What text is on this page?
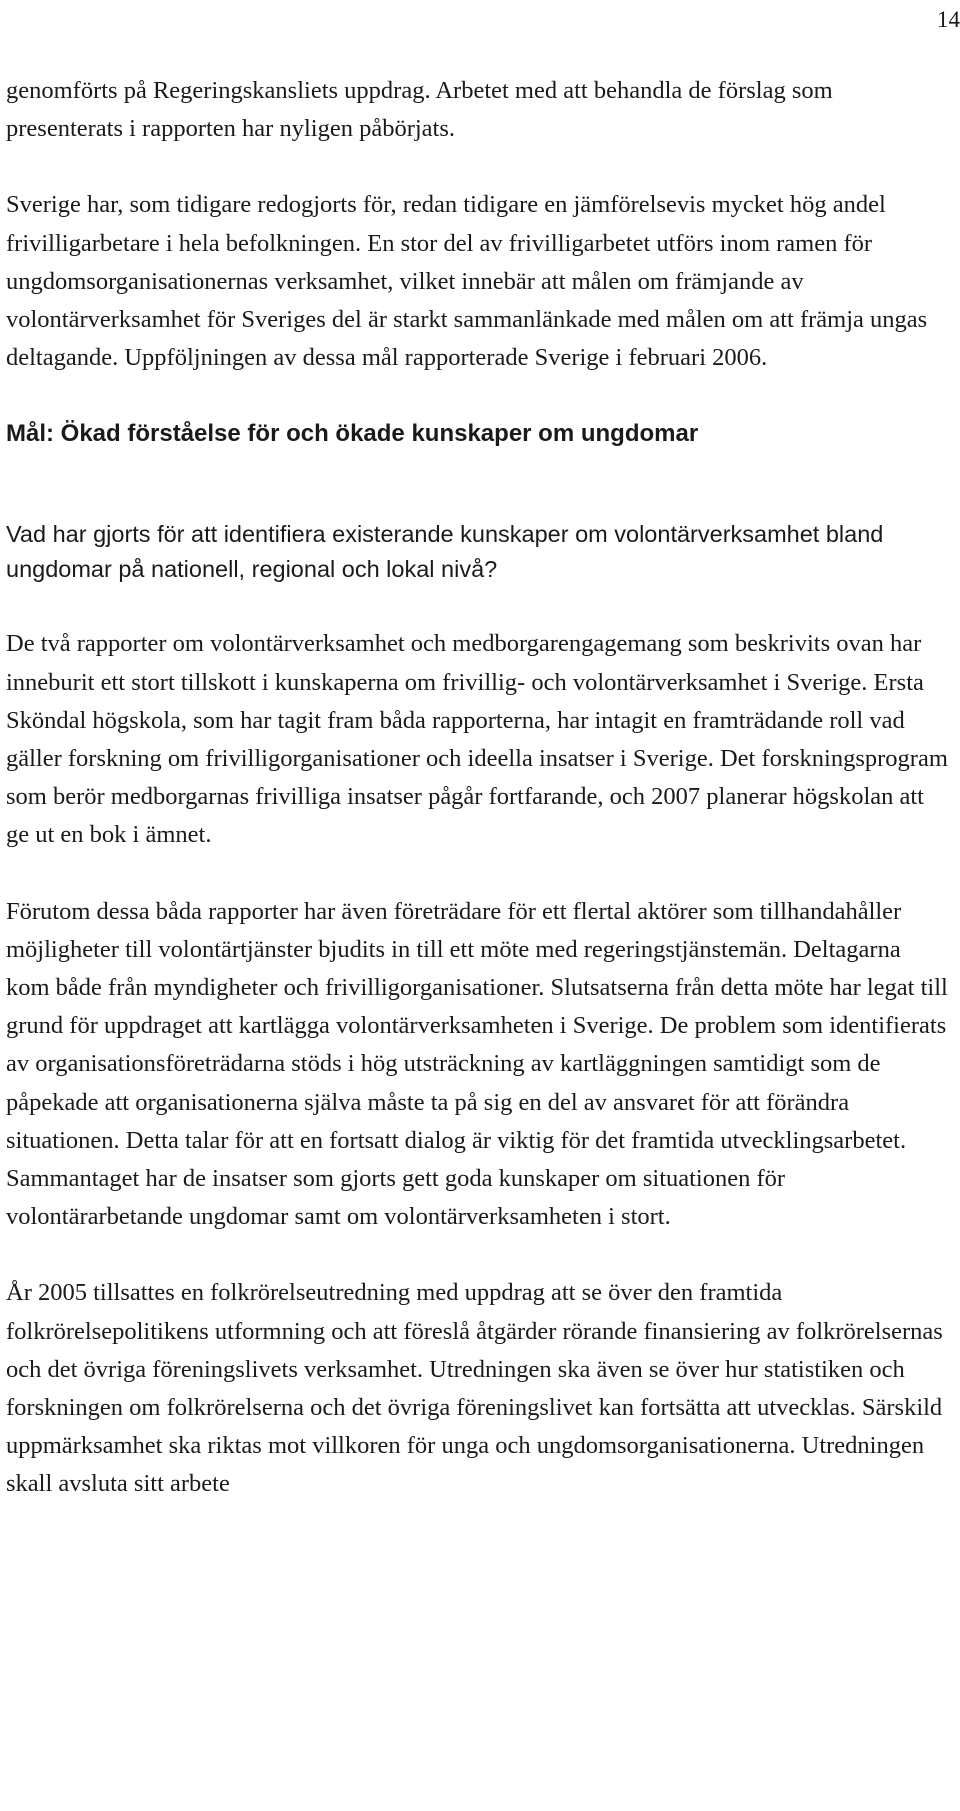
14

genomförts på Regeringskansliets uppdrag. Arbetet med att behandla de förslag som presenterats i rapporten har nyligen påbörjats.

Sverige har, som tidigare redogjorts för, redan tidigare en jämförelsevis mycket hög andel frivilligarbetare i hela befolkningen. En stor del av frivilligarbetet utförs inom ramen för ungdomsorganisationernas verksamhet, vilket innebär att målen om främjande av volontärverksamhet för Sveriges del är starkt sammanlänkade med målen om att främja ungas deltagande. Uppföljningen av dessa mål rapporterade Sverige i februari 2006.

Mål: Ökad förståelse för och ökade kunskaper om ungdomar
Vad har gjorts för att identifiera existerande kunskaper om volontärverksamhet bland ungdomar på nationell, regional och lokal nivå?

De två rapporter om volontärverksamhet och medborgarengagemang som beskrivits ovan har inneburit ett stort tillskott i kunskaperna om frivillig- och volontärverksamhet i Sverige. Ersta Sköndal högskola, som har tagit fram båda rapporterna, har intagit en framträdande roll vad gäller forskning om frivilligorganisationer och ideella insatser i Sverige. Det forskningsprogram som berör medborgarnas frivilliga insatser pågår fortfarande, och 2007 planerar högskolan att ge ut en bok i ämnet.

Förutom dessa båda rapporter har även företrädare för ett flertal aktörer som tillhandahåller möjligheter till volontärtjänster bjudits in till ett möte med regeringstjänstemän. Deltagarna kom både från myndigheter och frivilligorganisationer. Slutsatserna från detta möte har legat till grund för uppdraget att kartlägga volontärverksamheten i Sverige. De problem som identifierats av organisationsföreträdarna stöds i hög utsträckning av kartläggningen samtidigt som de påpekade att organisationerna själva måste ta på sig en del av ansvaret för att förändra situationen. Detta talar för att en fortsatt dialog är viktig för det framtida utvecklingsarbetet. Sammantaget har de insatser som gjorts gett goda kunskaper om situationen för volontärarbetande ungdomar samt om volontärverksamheten i stort.

År 2005 tillsattes en folkrörelseutredning med uppdrag att se över den framtida folkrörelsepolitikens utformning och att föreslå åtgärder rörande finansiering av folkrörelsernas och det övriga föreningslivets verksamhet. Utredningen ska även se över hur statistiken och forskningen om folkrörelserna och det övriga föreningslivet kan fortsätta att utvecklas. Särskild uppmärksamhet ska riktas mot villkoren för unga och ungdomsorganisationerna. Utredningen skall avsluta sitt arbete
